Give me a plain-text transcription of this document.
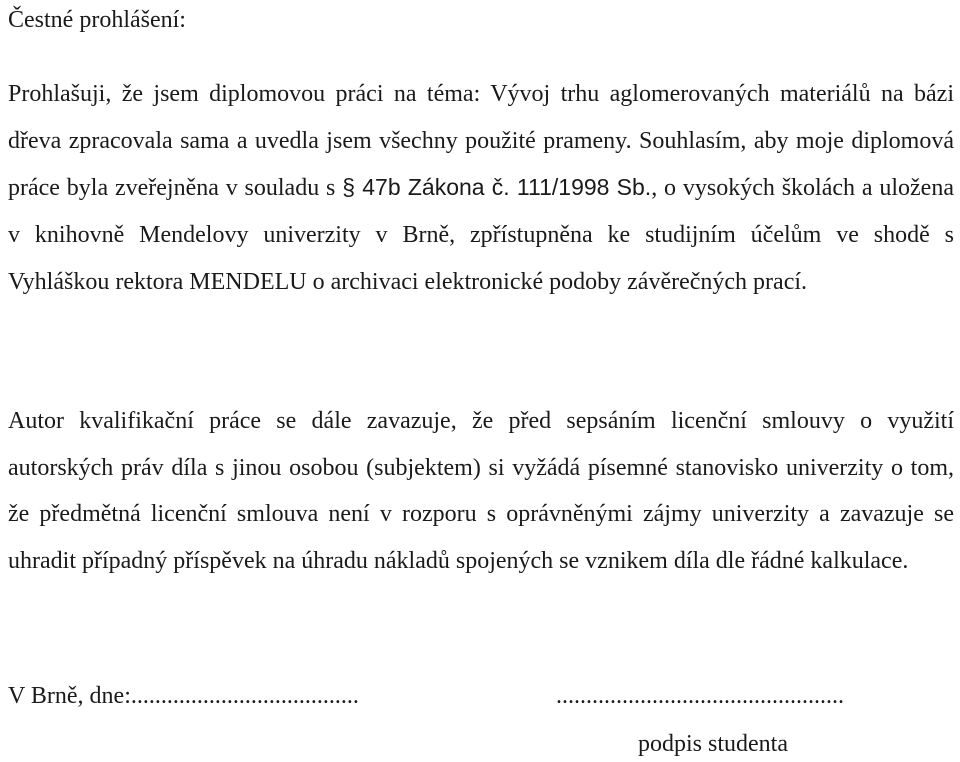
Čestné prohlášení:

Prohlašuji, že jsem diplomovou práci na téma: Vývoj trhu aglomerovaných materiálů na bázi dřeva zpracovala sama a uvedla jsem všechny použité prameny. Souhlasím, aby moje diplomová práce byla zveřejněna v souladu s § 47b Zákona č. 111/1998 Sb., o vysokých školách a uložena v knihovně Mendelovy univerzity v Brně, zpřístupněna ke studijním účelům ve shodě s Vyhláškou rektora MENDELU o archivaci elektronické podoby závěrečných prací.

Autor kvalifikační práce se dále zavazuje, že před sepsáním licenční smlouvy o využití autorských práv díla s jinou osobou (subjektem) si vyžádá písemné stanovisko univerzity o tom, že předmětná licenční smlouva není v rozporu s oprávněnými zájmy univerzity a zavazuje se uhradit případný příspěvek na úhradu nákladů spojených se vznikem díla dle řádné kalkulace.

V Brně, dne:......................................	................................................
podpis studenta
